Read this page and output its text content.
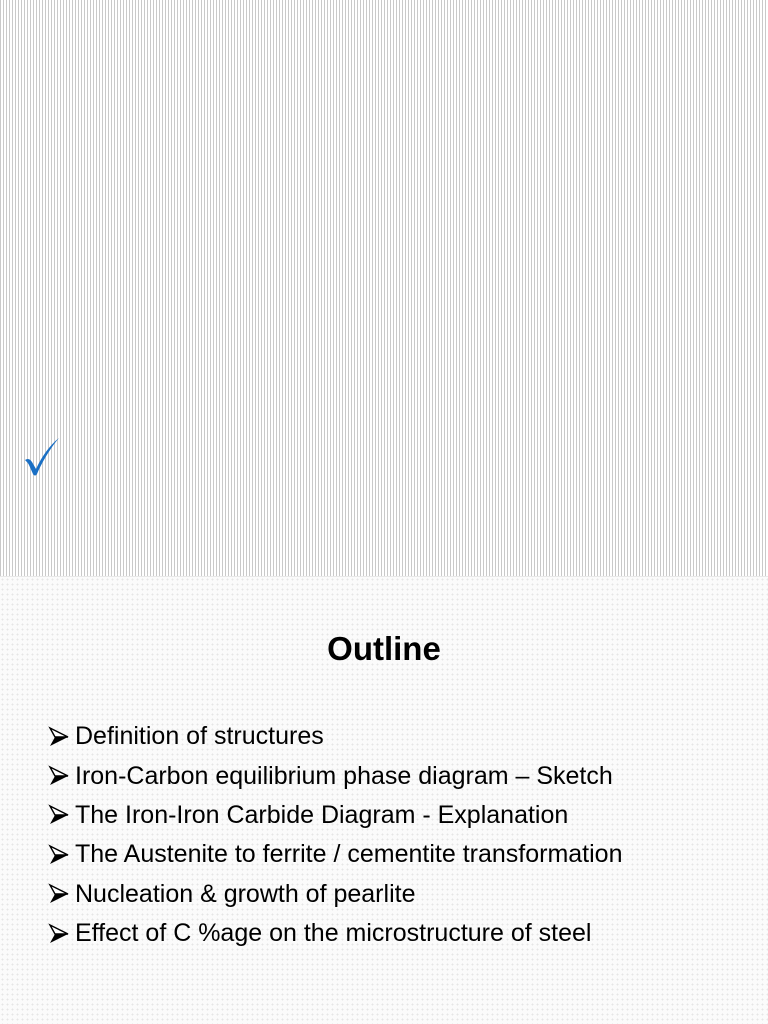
Outline
Definition of structures
Iron-Carbon equilibrium phase diagram – Sketch
The Iron-Iron Carbide Diagram - Explanation
The Austenite to ferrite / cementite transformation
Nucleation & growth of pearlite
Effect of C %age on the microstructure of steel
